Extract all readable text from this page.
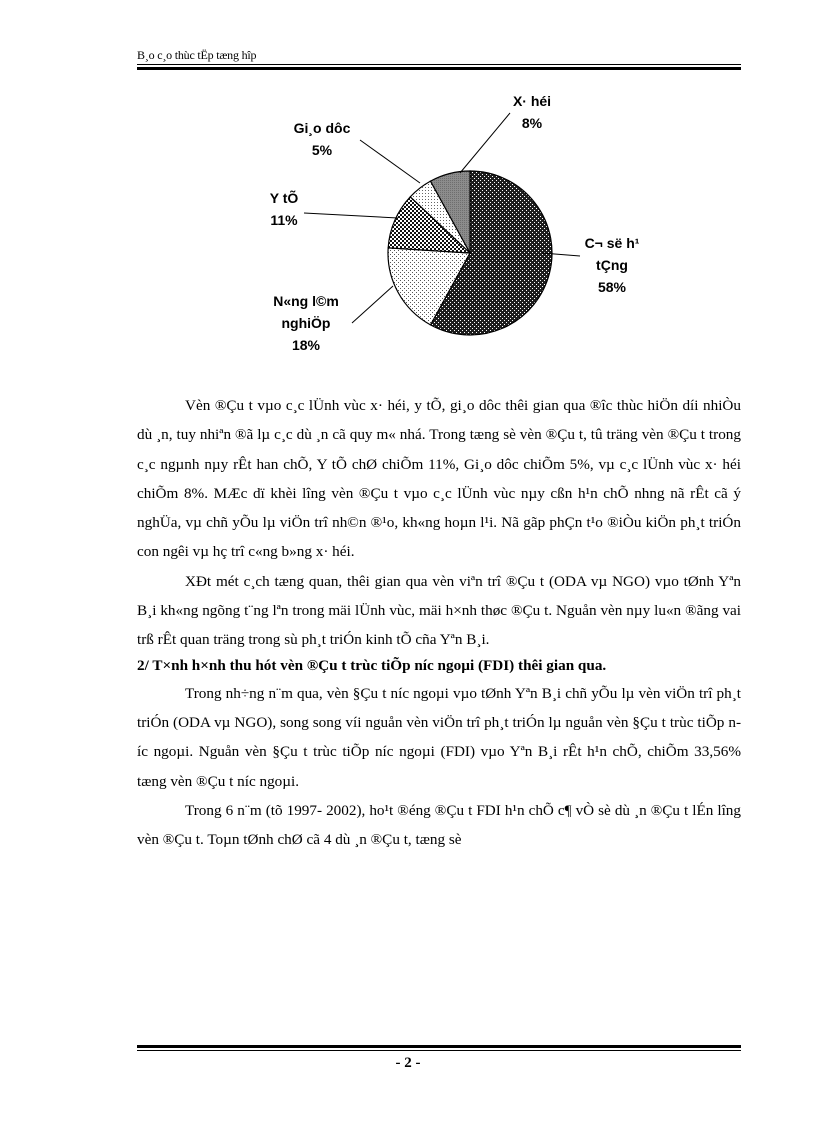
B¸o c¸o thùc tËp tæng hîp
C¬ së h¹ tÇng 58%
N«ng l©m nghiÖp 18%
Y tÕ 11%
Gi¸o dôc 5%
X· héi 8%

Vèn ®Çu t vµo c¸c lÜnh vùc x· héi, y tÕ, gi¸o dôc thêi gian qua ®îc thùc hiÖn díi nhiÒu dù ¸n, tuy nhiªn ®ã lµ c¸c dù ¸n cã quy m« nhá. Trong tæng sè vèn ®Çu t, tû träng vèn ®Çu t trong c¸c ngµnh nµy rÊt han chÕ, Y tÕ chØ chiÕm 11%, Gi¸o dôc chiÕm 5%, vµ c¸c lÜnh vùc x· héi chiÕm 8%. MÆc dï khèi lîng vèn ®Çu t vµo c¸c lÜnh vùc nµy cßn h¹n chÕ nhng nã rÊt cã ý nghÜa, vµ chñ yÕu lµ viÖn trî nh©n ®¹o, kh«ng hoµn l¹i. Nã gãp phÇn t¹o ®iÒu kiÖn ph¸t triÓn con ngêi vµ hç trî c«ng b»ng x· héi.

XÐt mét c¸ch tæng quan, thêi gian qua vèn viªn trî ®Çu t (ODA vµ NGO) vµo tØnh Yªn B¸i kh«ng ngõng t¨ng lªn trong mäi lÜnh vùc, mäi h×nh thøc ®Çu t. Nguån vèn nµy lu«n ®ãng vai trß rÊt quan träng trong sù ph¸t triÓn kinh tÕ cña Yªn B¸i.

2/ T×nh h×nh thu hót vèn ®Çu t trùc tiÕp níc ngoµi (FDI) thêi gian qua.

Trong nh÷ng n¨m qua, vèn §Çu t níc ngoµi vµo tØnh Yªn B¸i chñ yÕu lµ vèn viÖn trî ph¸t triÓn (ODA vµ NGO), song song víi nguån vèn viÖn trî ph¸t triÓn lµ nguån vèn §Çu t trùc tiÕp níc ngoµi. Nguån vèn §Çu t trùc tiÕp níc ngoµi (FDI) vµo Yªn B¸i rÊt h¹n chÕ, chiÕm 33,56% tæng vèn ®Çu t níc ngoµi.

Trong 6 n¨m (tõ 1997- 2002), ho¹t ®éng ®Çu t FDI h¹n chÕ c¶ vÒ sè dù ¸n ®Çu t lÉn lîng vèn ®Çu t. Toµn tØnh chØ cã 4 dù ¸n ®Çu t, tæng sè

- 2 -
